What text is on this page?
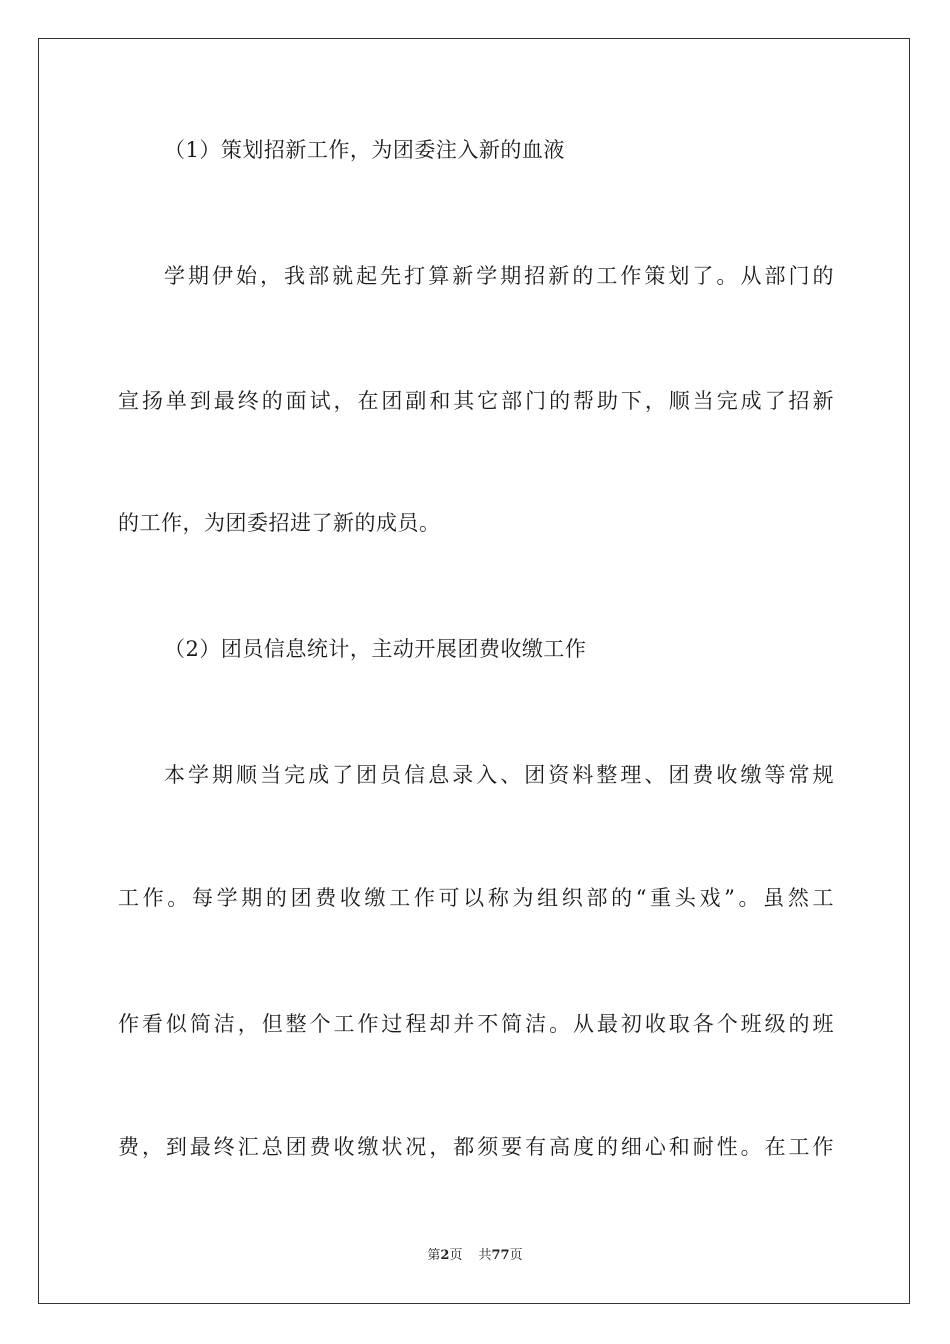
（1）策划招新工作，为团委注入新的血液
学期伊始，我部就起先打算新学期招新的工作策划了。从部门的
宣扬单到最终的面试，在团副和其它部门的帮助下，顺当完成了招新
的工作，为团委招进了新的成员。
（2）团员信息统计，主动开展团费收缴工作
本学期顺当完成了团员信息录入、团资料整理、团费收缴等常规
工作。每学期的团费收缴工作可以称为组织部的“重头戏”。虽然工
作看似简洁，但整个工作过程却并不简洁。从最初收取各个班级的班
费，到最终汇总团费收缴状况，都须要有高度的细心和耐性。在工作
第2页 共77页
